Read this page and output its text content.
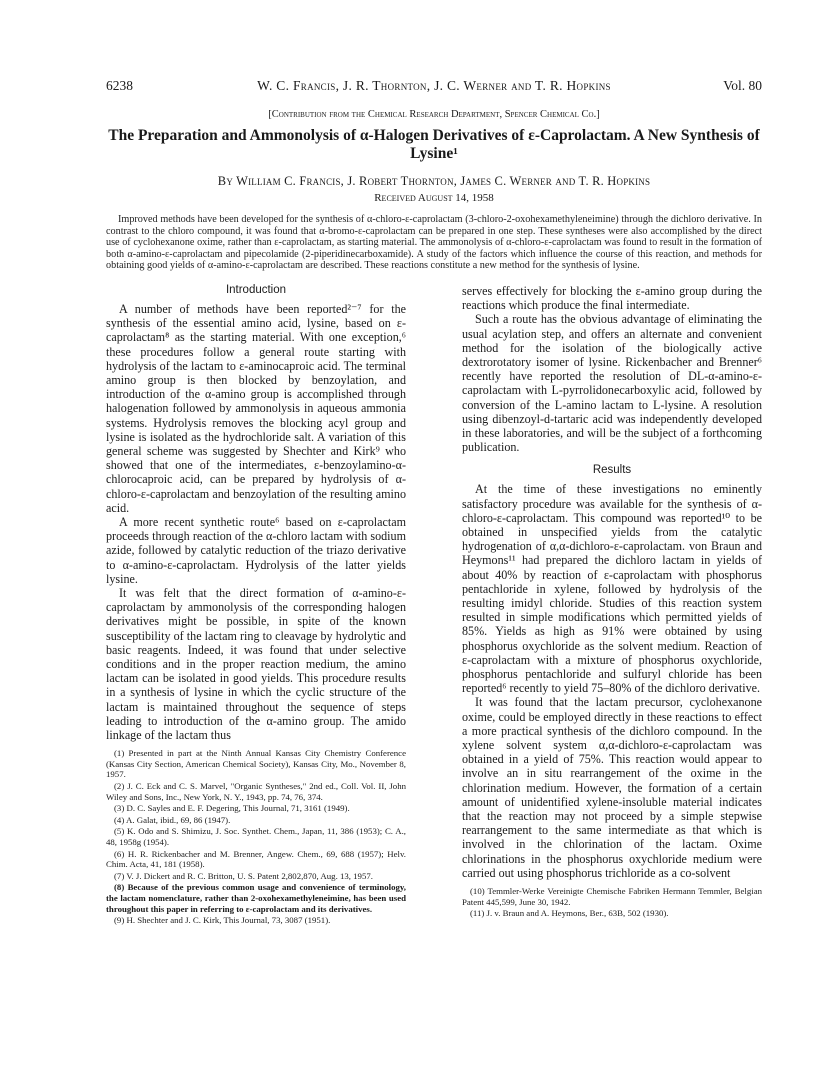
6238	W. C. Francis, J. R. Thornton, J. C. Werner and T. R. Hopkins	Vol. 80
[Contribution from the Chemical Research Department, Spencer Chemical Co.]
The Preparation and Ammonolysis of α-Halogen Derivatives of ε-Caprolactam. A New Synthesis of Lysine¹
By William C. Francis, J. Robert Thornton, James C. Werner and T. R. Hopkins
Received August 14, 1958

Improved methods have been developed for the synthesis of α-chloro-ε-caprolactam (3-chloro-2-oxohexamethyleneimine) through the dichloro derivative. In contrast to the chloro compound, it was found that α-bromo-ε-caprolactam can be prepared in one step. These syntheses were also accomplished by the direct use of cyclohexanone oxime, rather than ε-caprolactam, as starting material. The ammonolysis of α-chloro-ε-caprolactam was found to result in the formation of both α-amino-ε-caprolactam and pipecolamide (2-piperidinecarboxamide). A study of the factors which influence the course of this reaction, and methods for obtaining good yields of α-amino-ε-caprolactam are described. These reactions constitute a new method for the synthesis of lysine.

Introduction

A number of methods have been reported²⁻⁷ for the synthesis of the essential amino acid, lysine, based on ε-caprolactam⁸ as the starting material. With one exception,⁶ these procedures follow a general route starting with hydrolysis of the lactam to ε-aminocaproic acid. The terminal amino group is then blocked by benzoylation, and introduction of the α-amino group is accomplished through halogenation followed by ammonolysis in aqueous ammonia systems. Hydrolysis removes the blocking acyl group and lysine is isolated as the hydrochloride salt. A variation of this general scheme was suggested by Shechter and Kirk⁹ who showed that one of the intermediates, ε-benzoylamino-α-chlorocaproic acid, can be prepared by hydrolysis of α-chloro-ε-caprolactam and benzoylation of the resulting amino acid.

A more recent synthetic route⁶ based on ε-caprolactam proceeds through reaction of the α-chloro lactam with sodium azide, followed by catalytic reduction of the triazo derivative to α-amino-ε-caprolactam. Hydrolysis of the latter yields lysine.

It was felt that the direct formation of α-amino-ε-caprolactam by ammonolysis of the corresponding halogen derivatives might be possible, in spite of the known susceptibility of the lactam ring to cleavage by hydrolytic and basic reagents. Indeed, it was found that under selective conditions and in the proper reaction medium, the amino lactam can be isolated in good yields. This procedure results in a synthesis of lysine in which the cyclic structure of the lactam is maintained throughout the sequence of steps leading to introduction of the α-amino group. The amido linkage of the lactam thus

(1) Presented in part at the Ninth Annual Kansas City Chemistry Conference (Kansas City Section, American Chemical Society), Kansas City, Mo., November 8, 1957.

(2) J. C. Eck and C. S. Marvel, "Organic Syntheses," 2nd ed., Coll. Vol. II, John Wiley and Sons, Inc., New York, N. Y., 1943, pp. 74, 76, 374.

(3) D. C. Sayles and E. F. Degering, This Journal, 71, 3161 (1949).

(4) A. Galat, ibid., 69, 86 (1947).

(5) K. Odo and S. Shimizu, J. Soc. Synthet. Chem., Japan, 11, 386 (1953); C. A., 48, 1958g (1954).

(6) H. R. Rickenbacher and M. Brenner, Angew. Chem., 69, 688 (1957); Helv. Chim. Acta, 41, 181 (1958).

(7) V. J. Dickert and R. C. Britton, U. S. Patent 2,802,870, Aug. 13, 1957.

(8) Because of the previous common usage and convenience of terminology, the lactam nomenclature, rather than 2-oxohexamethyleneimine, has been used throughout this paper in referring to ε-caprolactam and its derivatives.

(9) H. Shechter and J. C. Kirk, This Journal, 73, 3087 (1951).

serves effectively for blocking the ε-amino group during the reactions which produce the final intermediate.

Such a route has the obvious advantage of eliminating the usual acylation step, and offers an alternate and convenient method for the isolation of the biologically active dextrorotatory isomer of lysine. Rickenbacher and Brenner⁶ recently have reported the resolution of DL-α-amino-ε-caprolactam with L-pyrrolidonecarboxylic acid, followed by conversion of the L-amino lactam to L-lysine. A resolution using dibenzoyl-d-tartaric acid was independently developed in these laboratories, and will be the subject of a forthcoming publication.

Results

At the time of these investigations no eminently satisfactory procedure was available for the synthesis of α-chloro-ε-caprolactam. This compound was reported¹⁰ to be obtained in unspecified yields from the catalytic hydrogenation of α,α-dichloro-ε-caprolactam. von Braun and Heymons¹¹ had prepared the dichloro lactam in yields of about 40% by reaction of ε-caprolactam with phosphorus pentachloride in xylene, followed by hydrolysis of the resulting imidyl chloride. Studies of this reaction system resulted in simple modifications which permitted yields of 85%. Yields as high as 91% were obtained by using phosphorus oxychloride as the solvent medium. Reaction of ε-caprolactam with a mixture of phosphorus oxychloride, phosphorus pentachloride and sulfuryl chloride has been reported⁶ recently to yield 75–80% of the dichloro derivative.

It was found that the lactam precursor, cyclohexanone oxime, could be employed directly in these reactions to effect a more practical synthesis of the dichloro compound. In the xylene solvent system α,α-dichloro-ε-caprolactam was obtained in a yield of 75%. This reaction would appear to involve an in situ rearrangement of the oxime in the chlorination medium. However, the formation of a certain amount of unidentified xylene-insoluble material indicates that the reaction may not proceed by a simple stepwise rearrangement to the same intermediate as that which is involved in the chlorination of the lactam. Oxime chlorinations in the phosphorus oxychloride medium were carried out using phosphorus trichloride as a co-solvent

(10) Temmler-Werke Vereinigte Chemische Fabriken Hermann Temmler, Belgian Patent 445,599, June 30, 1942.

(11) J. v. Braun and A. Heymons, Ber., 63B, 502 (1930).
